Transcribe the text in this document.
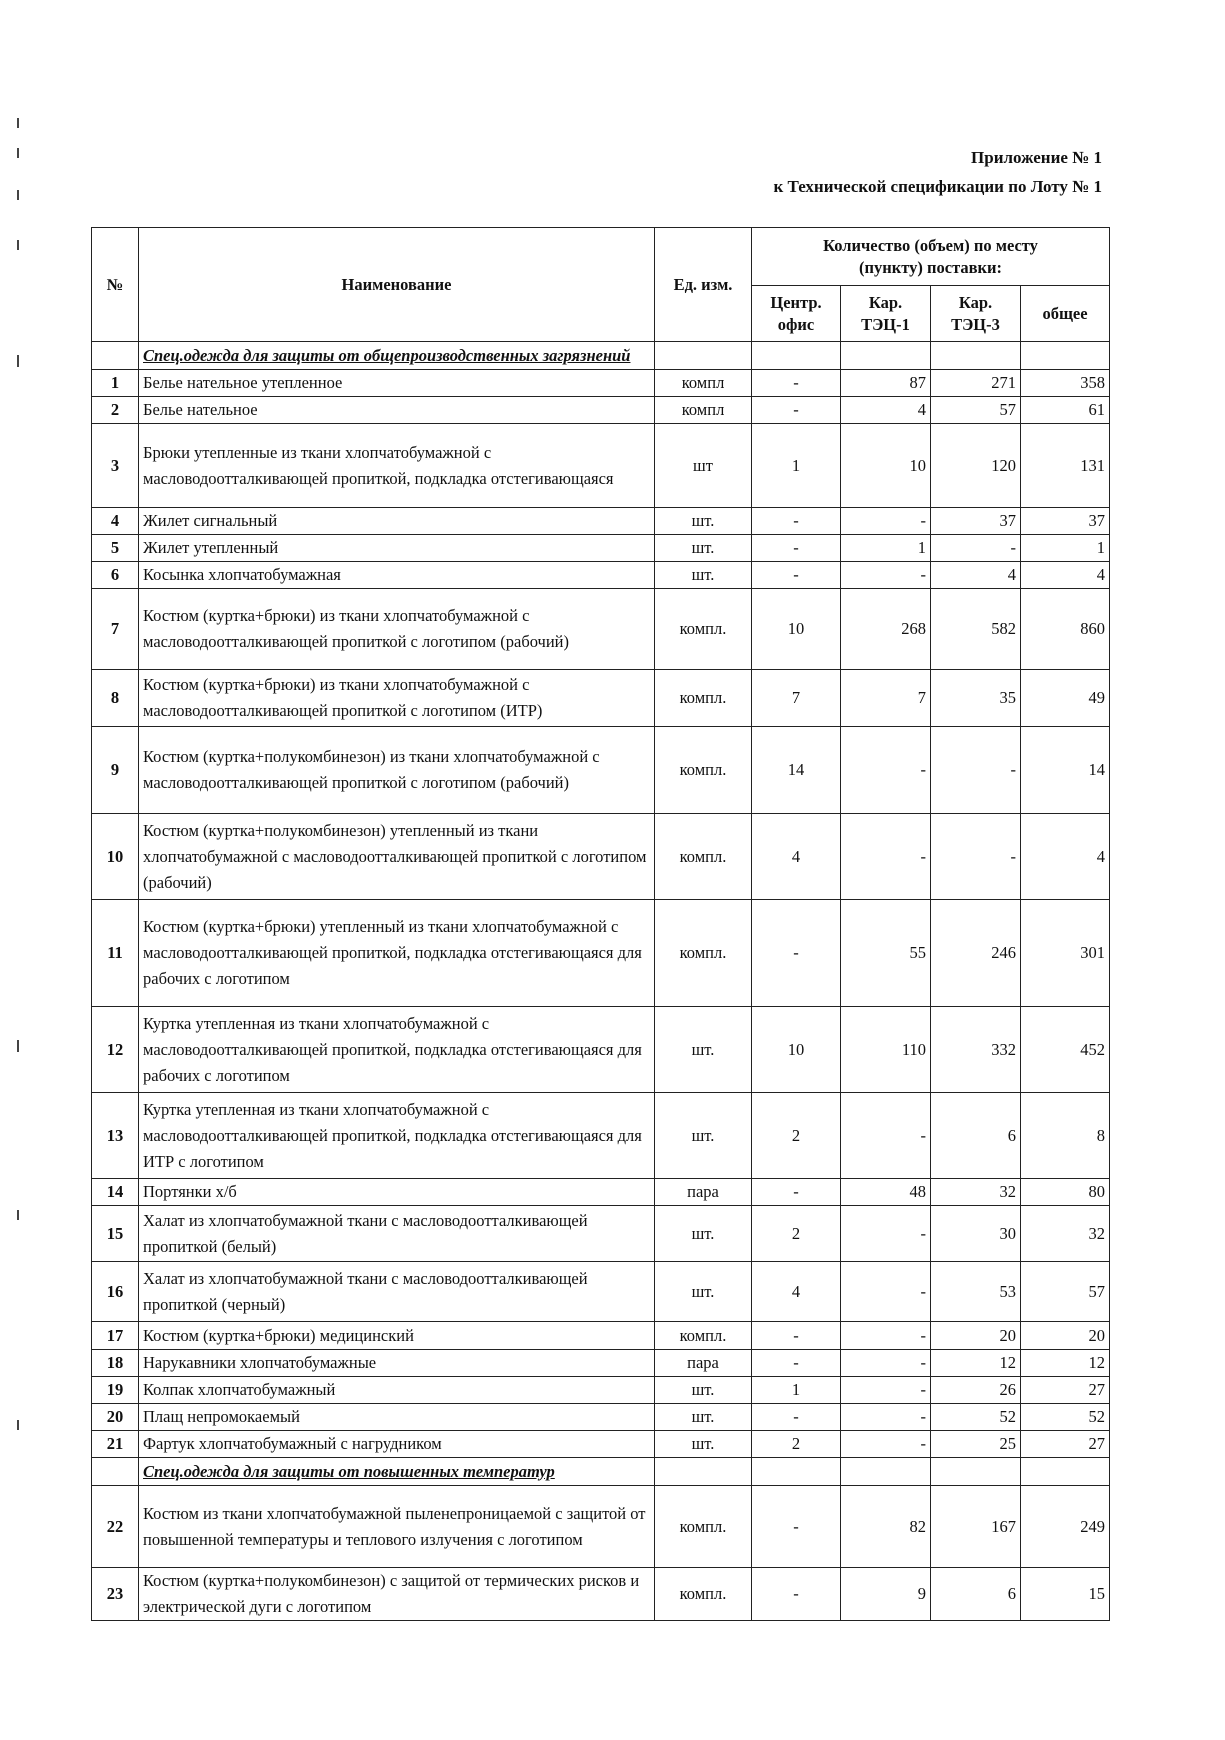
Приложение № 1
к Технической спецификации по Лоту № 1
№	Наименование	Ед. изм.	Количество (объем) по месту (пункту) поставки:			
			Центр. офис	Кар. ТЭЦ-1	Кар. ТЭЦ-3	общее
	Спец.одежда для защиты от общепроизводственных загрязнений					
1	Белье нательное утепленное	компл	-	87	271	358
2	Белье нательное	компл	-	4	57	61
3	Брюки утепленные из ткани хлопчатобумажной с масловодоотталкивающей пропиткой, подкладка отстегивающаяся	шт	1	10	120	131
4	Жилет сигнальный	шт.	-	-	37	37
5	Жилет утепленный	шт.	-	1	-	1
6	Косынка хлопчатобумажная	шт.	-	-	4	4
7	Костюм (куртка+брюки) из ткани хлопчатобумажной с масловодоотталкивающей пропиткой с логотипом (рабочий)	компл.	10	268	582	860
8	Костюм (куртка+брюки) из ткани хлопчатобумажной с масловодоотталкивающей пропиткой с логотипом (ИТР)	компл.	7	7	35	49
9	Костюм (куртка+полукомбинезон) из ткани хлопчатобумажной с масловодоотталкивающей пропиткой с логотипом (рабочий)	компл.	14	-	-	14
10	Костюм (куртка+полукомбинезон) утепленный из ткани хлопчатобумажной с масловодоотталкивающей пропиткой с логотипом (рабочий)	компл.	4	-	-	4
11	Костюм (куртка+брюки) утепленный из ткани хлопчатобумажной с масловодоотталкивающей пропиткой, подкладка отстегивающаяся для рабочих с логотипом	компл.	-	55	246	301
12	Куртка утепленная из ткани хлопчатобумажной с масловодоотталкивающей пропиткой, подкладка отстегивающаяся для рабочих с логотипом	шт.	10	110	332	452
13	Куртка утепленная из ткани хлопчатобумажной с масловодоотталкивающей пропиткой, подкладка отстегивающаяся для ИТР с логотипом	шт.	2	-	6	8
14	Портянки х/б	пара	-	48	32	80
15	Халат из хлопчатобумажной ткани с масловодоотталкивающей пропиткой (белый)	шт.	2	-	30	32
16	Халат из хлопчатобумажной ткани с масловодоотталкивающей пропиткой (черный)	шт.	4	-	53	57
17	Костюм (куртка+брюки) медицинский	компл.	-	-	20	20
18	Нарукавники хлопчатобумажные	пара	-	-	12	12
19	Колпак хлопчатобумажный	шт.	1	-	26	27
20	Плащ непромокаемый	шт.	-	-	52	52
21	Фартук хлопчатобумажный с нагрудником	шт.	2	-	25	27
	Спец.одежда для защиты от повышенных температур					
22	Костюм из ткани хлопчатобумажной пыленепроницаемой с защитой от повышенной температуры и теплового излучения с логотипом	компл.	-	82	167	249
23	Костюм (куртка+полукомбинезон) с защитой от термических рисков и электрической дуги с логотипом	компл.	-	9	6	15
